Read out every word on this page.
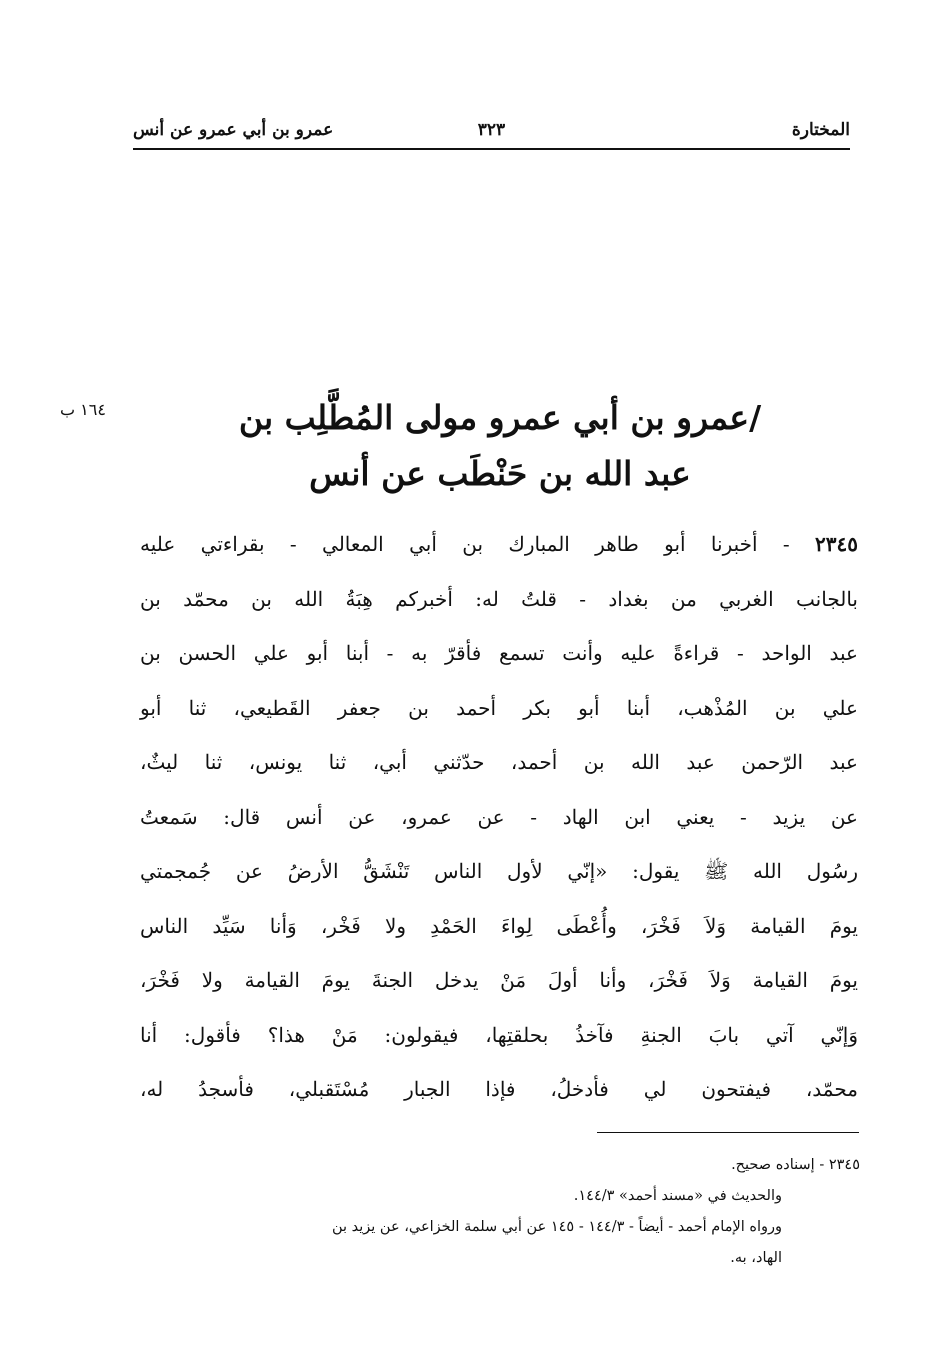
المختارة
٣٢٣
عمرو بن أبي عمرو عن أنس
١٦٤ ب	/عمرو بن أبي عمرو مولى المُطَّلِب بن
عبد الله بن حَنْطَب عن أنس

٢٣٤٥ - أخبرنا أبو طاهر المبارك بن أبي المعالي - بقراءتي عليه

بالجانب الغربي من بغداد - قلتُ له: أخبركم هِبَةُ الله بن محمّد بن

عبد الواحد - قراءةً عليه وأنت تسمع فأقرّ به - أبنا أبو علي الحسن بن

علي بن المُذْهب، أبنا أبو بكر أحمد بن جعفر القَطيعي، ثنا أبو

عبد الرّحمن عبد الله بن أحمد، حدّثني أبي، ثنا يونس، ثنا ليثٌ،

عن يزيد - يعني ابن الهاد - عن عمرو، عن أنس قال: سَمعتُ

رسُول الله ﷺ يقول: «إنّي لأول الناس تَنْشَقُّ الأرضُ عن جُمجمتي

يومَ القيامة وَلاَ فَخْرَ، وأُعْطَى لِواءَ الحَمْدِ ولا فَخْر، وَأنا سَيِّد الناس

يومَ القيامة وَلاَ فَخْرَ، وأنا أولَ مَنْ يدخل الجنةَ يومَ القيامة ولا فَخْرَ،

وَإنّي آتي بابَ الجنةِ فآخذُ بحلقتِها، فيقولون: مَنْ هذا؟ فأقول: أنا

محمّد، فيفتحون لي فأدخلُ، فإذا الجبار مُسْتَقبلي، فأسجدُ له،

٢٣٤٥ - إسناده صحيح.
والحديث في «مسند أحمد» ١٤٤/٣.
ورواه الإمام أحمد - أيضاً - ١٤٤/٣ - ١٤٥ عن أبي سلمة الخزاعي، عن يزيد بن
الهاد، به.
